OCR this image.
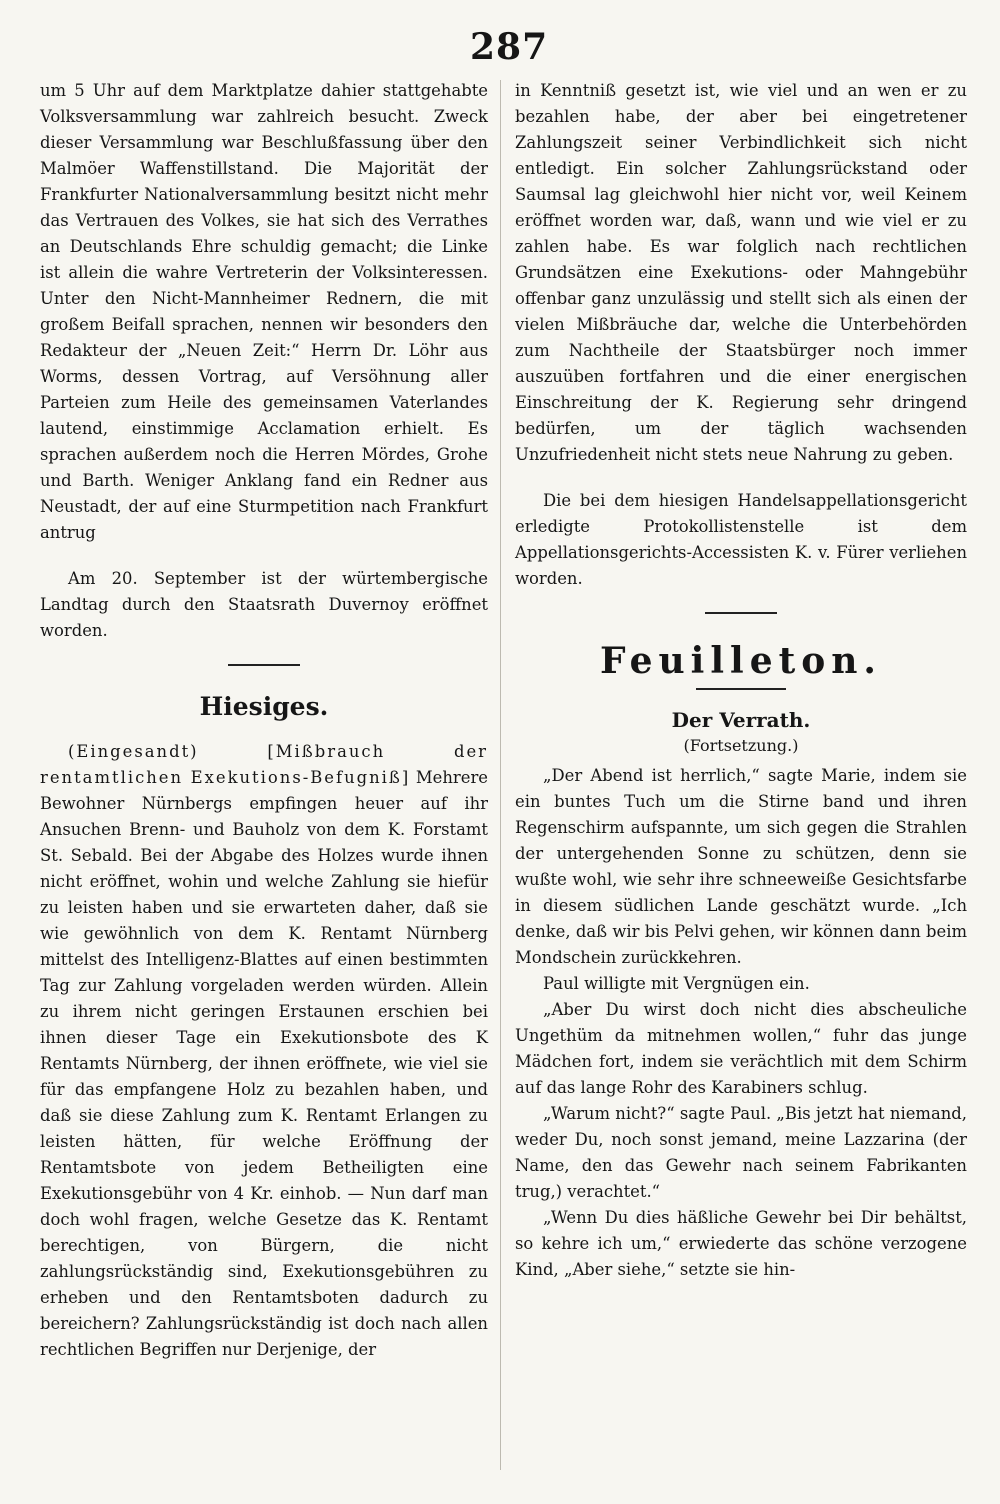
287

um 5 Uhr auf dem Marktplatze dahier stattgehabte Volksversammlung war zahlreich besucht. Zweck dieser Versammlung war Beschlußfassung über den Malmöer Waffenstillstand. Die Majorität der Frankfurter Nationalversammlung besitzt nicht mehr das Vertrauen des Volkes, sie hat sich des Verrathes an Deutschlands Ehre schuldig gemacht; die Linke ist allein die wahre Vertreterin der Volksinteressen. Unter den Nicht-Mannheimer Rednern, die mit großem Beifall sprachen, nennen wir besonders den Redakteur der „Neuen Zeit:“ Herrn Dr. Löhr aus Worms, dessen Vortrag, auf Versöhnung aller Parteien zum Heile des gemeinsamen Vaterlandes lautend, einstimmige Acclamation erhielt. Es sprachen außerdem noch die Herren Mördes, Grohe und Barth. Weniger Anklang fand ein Redner aus Neustadt, der auf eine Sturmpetition nach Frankfurt antrug

Am 20. September ist der würtembergische Landtag durch den Staatsrath Duvernoy eröffnet worden.

Hiesiges.

(Eingesandt) [Mißbrauch der rentamtlichen Exekutions-Befugniß] Mehrere Bewohner Nürnbergs empfingen heuer auf ihr Ansuchen Brenn- und Bauholz von dem K. Forstamt St. Sebald. Bei der Abgabe des Holzes wurde ihnen nicht eröffnet, wohin und welche Zahlung sie hiefür zu leisten haben und sie erwarteten daher, daß sie wie gewöhnlich von dem K. Rentamt Nürnberg mittelst des Intelligenz-Blattes auf einen bestimmten Tag zur Zahlung vorgeladen werden würden. Allein zu ihrem nicht geringen Erstaunen erschien bei ihnen dieser Tage ein Exekutionsbote des K Rentamts Nürnberg, der ihnen eröffnete, wie viel sie für das empfangene Holz zu bezahlen haben, und daß sie diese Zahlung zum K. Rentamt Erlangen zu leisten hätten, für welche Eröffnung der Rentamtsbote von jedem Betheiligten eine Exekutionsgebühr von 4 Kr. einhob. — Nun darf man doch wohl fragen, welche Gesetze das K. Rentamt berechtigen, von Bürgern, die nicht zahlungsrückständig sind, Exekutionsgebühren zu erheben und den Rentamtsboten dadurch zu bereichern? Zahlungsrückständig ist doch nach allen rechtlichen Begriffen nur Derjenige, der

in Kenntniß gesetzt ist, wie viel und an wen er zu bezahlen habe, der aber bei eingetretener Zahlungszeit seiner Verbindlichkeit sich nicht entledigt. Ein solcher Zahlungsrückstand oder Saumsal lag gleichwohl hier nicht vor, weil Keinem eröffnet worden war, daß, wann und wie viel er zu zahlen habe. Es war folglich nach rechtlichen Grundsätzen eine Exekutions- oder Mahngebühr offenbar ganz unzulässig und stellt sich als einen der vielen Mißbräuche dar, welche die Unterbehörden zum Nachtheile der Staatsbürger noch immer auszuüben fortfahren und die einer energischen Einschreitung der K. Regierung sehr dringend bedürfen, um der täglich wachsenden Unzufriedenheit nicht stets neue Nahrung zu geben.

Die bei dem hiesigen Handelsappellationsgericht erledigte Protokollistenstelle ist dem Appellationsgerichts-Accessisten K. v. Fürer verliehen worden.

Feuilleton.
Der Verrath.
(Fortsetzung.)

„Der Abend ist herrlich,“ sagte Marie, indem sie ein buntes Tuch um die Stirne band und ihren Regenschirm aufspannte, um sich gegen die Strahlen der untergehenden Sonne zu schützen, denn sie wußte wohl, wie sehr ihre schneeweiße Gesichtsfarbe in diesem südlichen Lande geschätzt wurde. „Ich denke, daß wir bis Pelvi gehen, wir können dann beim Mondschein zurückkehren.

Paul willigte mit Vergnügen ein.

„Aber Du wirst doch nicht dies abscheuliche Ungethüm da mitnehmen wollen,“ fuhr das junge Mädchen fort, indem sie verächtlich mit dem Schirm auf das lange Rohr des Karabiners schlug.

„Warum nicht?“ sagte Paul. „Bis jetzt hat niemand, weder Du, noch sonst jemand, meine Lazzarina (der Name, den das Gewehr nach seinem Fabrikanten trug,) verachtet.“

„Wenn Du dies häßliche Gewehr bei Dir behältst, so kehre ich um,“ erwiederte das schöne verzogene Kind, „Aber siehe,“ setzte sie hin-
